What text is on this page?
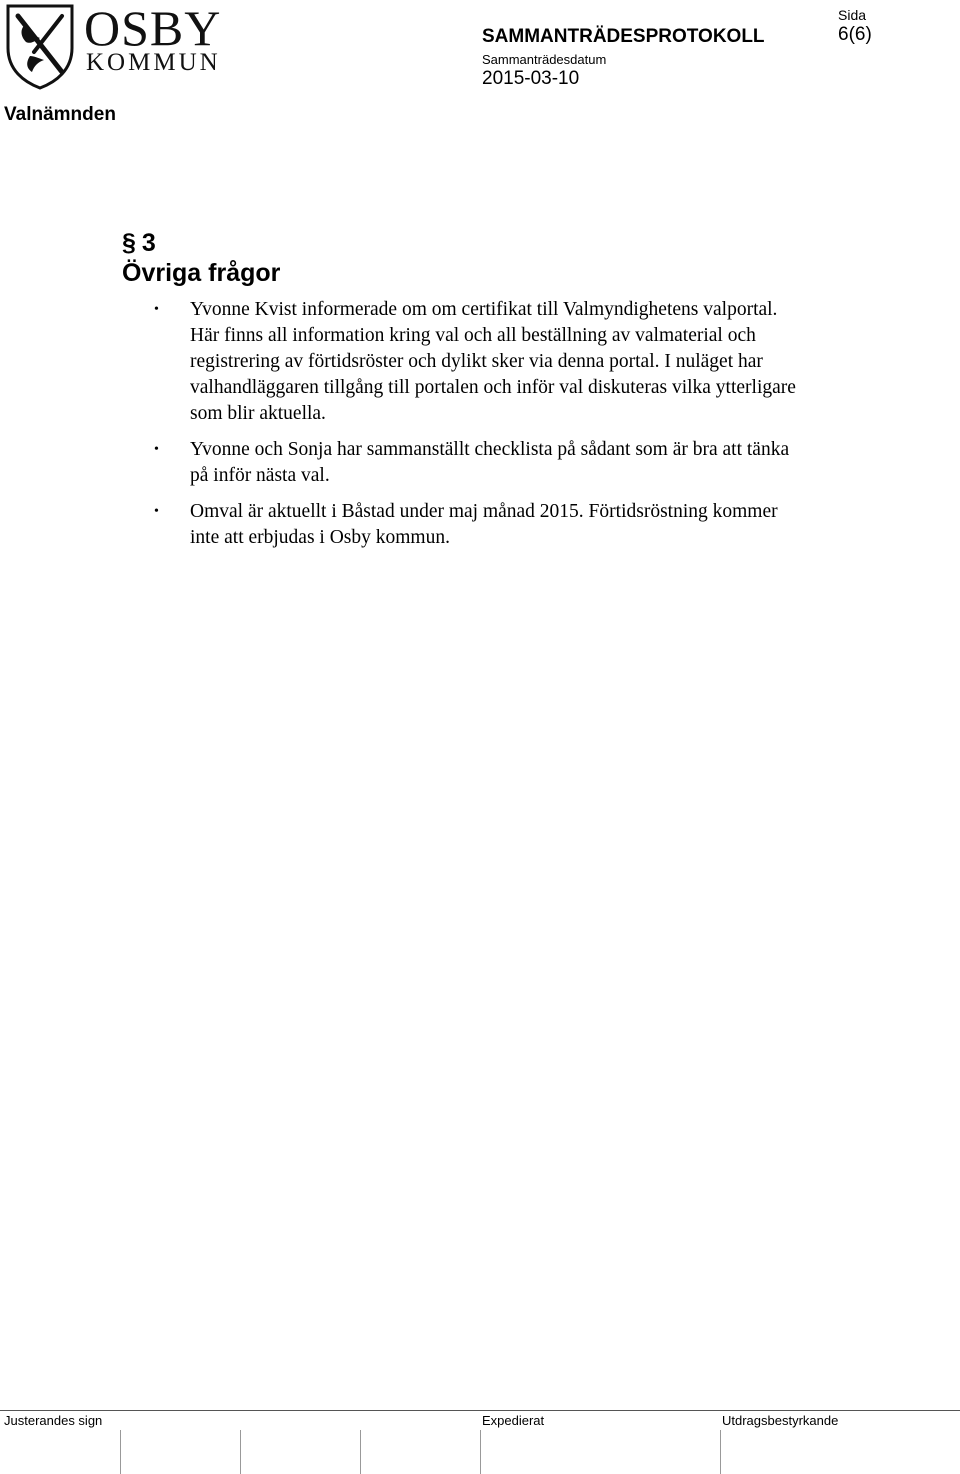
OSBY
KOMMUN
SAMMANTRÄDESPROTOKOLL
Sammanträdesdatum
2015-03-10
Sida
6(6)
Valnämnden
§ 3
Övriga frågor
• Yvonne Kvist informerade om om certifikat till Valmyndighetens valportal. Här finns all information kring val och all beställning av valmaterial och registrering av förtidsröster och dylikt sker via denna portal. I nuläget har valhandläggaren tillgång till portalen och inför val diskuteras vilka ytterligare som blir aktuella.
• Yvonne och Sonja har sammanställt checklista på sådant som är bra att tänka på inför nästa val.
• Omval är aktuellt i Båstad under maj månad 2015. Förtidsröstning kommer inte att erbjudas i Osby kommun.
Justerandes sign	Expedierat	Utdragsbestyrkande
